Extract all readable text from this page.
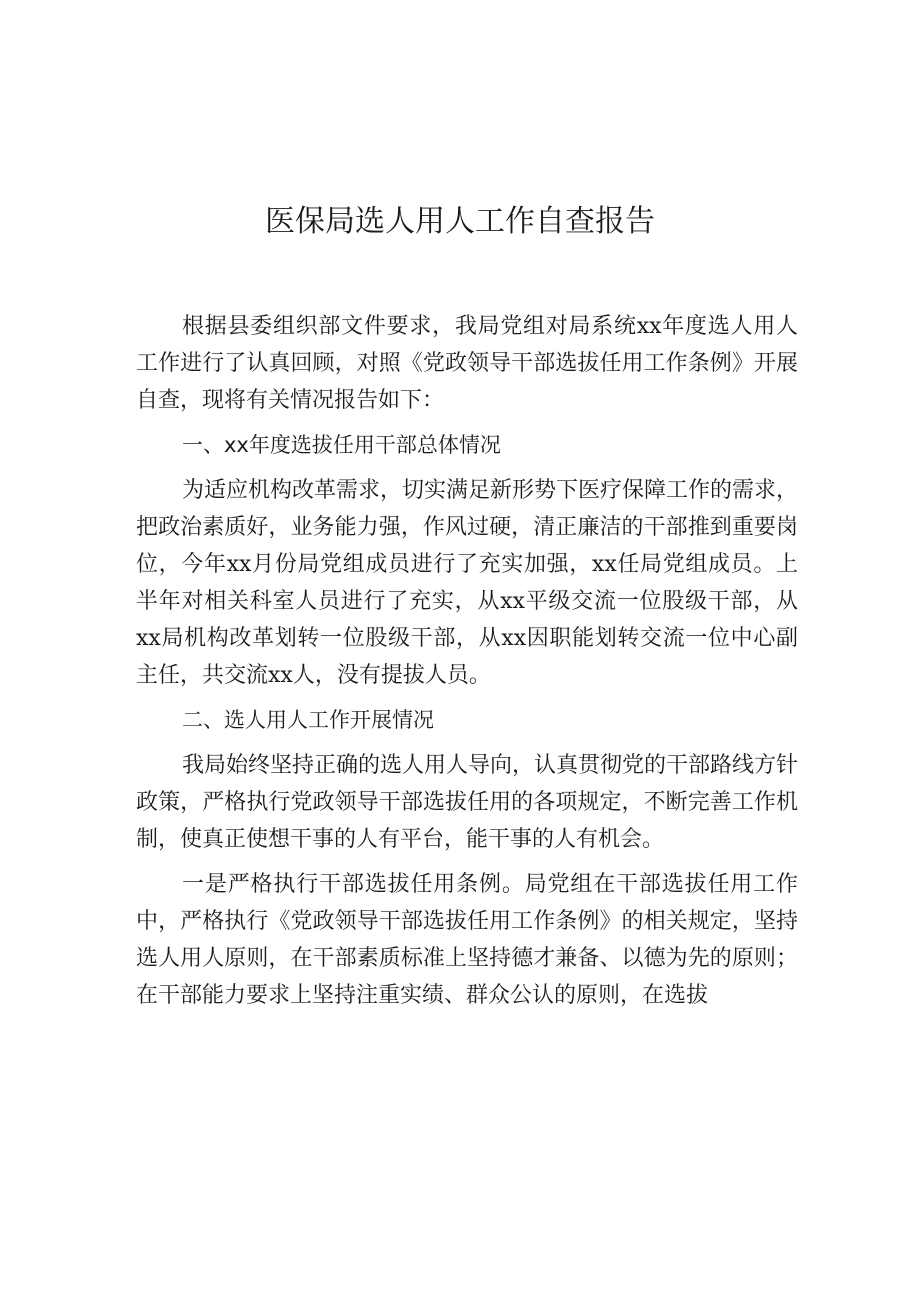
医保局选人用人工作自查报告

根据县委组织部文件要求，我局党组对局系统xx年度选人用人工作进行了认真回顾，对照《党政领导干部选拔任用工作条例》开展自查，现将有关情况报告如下：

一、xx年度选拔任用干部总体情况

为适应机构改革需求，切实满足新形势下医疗保障工作的需求，把政治素质好，业务能力强，作风过硬，清正廉洁的干部推到重要岗位，今年xx月份局党组成员进行了充实加强，xx任局党组成员。上半年对相关科室人员进行了充实，从xx平级交流一位股级干部，从xx局机构改革划转一位股级干部，从xx因职能划转交流一位中心副主任，共交流xx人，没有提拔人员。

二、选人用人工作开展情况

我局始终坚持正确的选人用人导向，认真贯彻党的干部路线方针政策，严格执行党政领导干部选拔任用的各项规定，不断完善工作机制，使真正使想干事的人有平台，能干事的人有机会。

一是严格执行干部选拔任用条例。局党组在干部选拔任用工作中，严格执行《党政领导干部选拔任用工作条例》的相关规定，坚持选人用人原则，在干部素质标准上坚持德才兼备、以德为先的原则；在干部能力要求上坚持注重实绩、群众公认的原则，在选拔
